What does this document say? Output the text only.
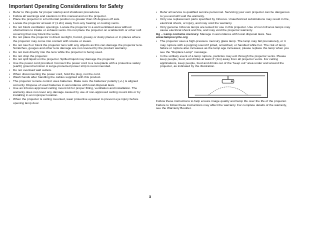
Important Operating Considerations for Safety
• Refer to this guide for proper startup and shutdown procedures.
• Follow all warnings and cautions in this manual and on the projector.
• Place the projector in a horizontal position no greater than 15 degrees off axis.
• Locate the projector at least 4' (1.2m) away from any heating or cooling vents.
• Do not block ventilation openings. Locate the projector in a well-ventilated area without obstructions to intake or exhaust vents. Do not place the projector on a tablecloth or other soft covering that may block the vents.
• Do not place the projector in direct sunlight, humid, greasy or dusty places or in places where the projector may come into contact with smoke or steam.
• Do not touch or block the projector lens with any objects as this can damage the projector lens. Scratches, gouges and other lens damage are not covered by the product warranty.
• Do not look directly into the lens while the projector is being used.
• Do not drop the projector.
• Do not spill liquid on the projector. Spilled liquid may damage the projector.
• Use the power cord provided. Connect the power cord to a receptacle with a protective safety (earth) ground terminal. A surge-protected power strip is recommended.
• Do not overload wall outlets.
• When disconnecting the power cord, hold the plug, not the cord.
• Wash hands after handling the cables supplied with this product.
• The projector remote control uses batteries. Make sure the batteries' polarity (+/-) is aligned correctly. Dispose of used batteries in accordance with local disposal laws.
• Use an Infocus approved ceiling mount kit for proper fitting, ventilation and installation. The warranty does not cover any damage caused by use of non-approved ceiling mount kits or by installing in an improper location.
• When the projector is ceiling mounted, wear protective eyewear to prevent eye injury before opening lamp door.
• Refer all service to qualified service personnel. Servicing your own projector can be dangerous to you and will void the warranty.
• Only use replacement parts specified by InFocus. Unauthorized substitutions may result in fire, electrical shock, or injury, and may void the warranty.
• Only genuine InFocus lamps are tested for use in this projector. Use of non InFocus lamps may cause electrical shock and fire, and may void the projector warranty.
Hg – Lamp contains mercury. Manage in accordance with local disposal laws. See www.lamprecycle.org
• The projector uses a high-pressure mercury glass lamp. The lamp may fail prematurely, or it may rupture with a popping sound if jolted, scratched, or handled while hot. The risk of lamp failure or rupture also increases as the lamp age increases; please replace the lamp when you see the "Replace Lamp" message.
• In the unlikely event of a lamp rupture, particles may exit through the projector vents. Please keep people, food, and drinks at least 3' (1m) away from all projector vents. For ceiling applications, keep people, food and drinks out of the "keep out" area under and around the projector, as indicated by the illustration.

Follow these instructions to help ensure image quality and lamp life over the life of the projector. Failure to follow these instructions may affect the warranty. For complete details of the warranty, see the Warranty Booklet.

3
